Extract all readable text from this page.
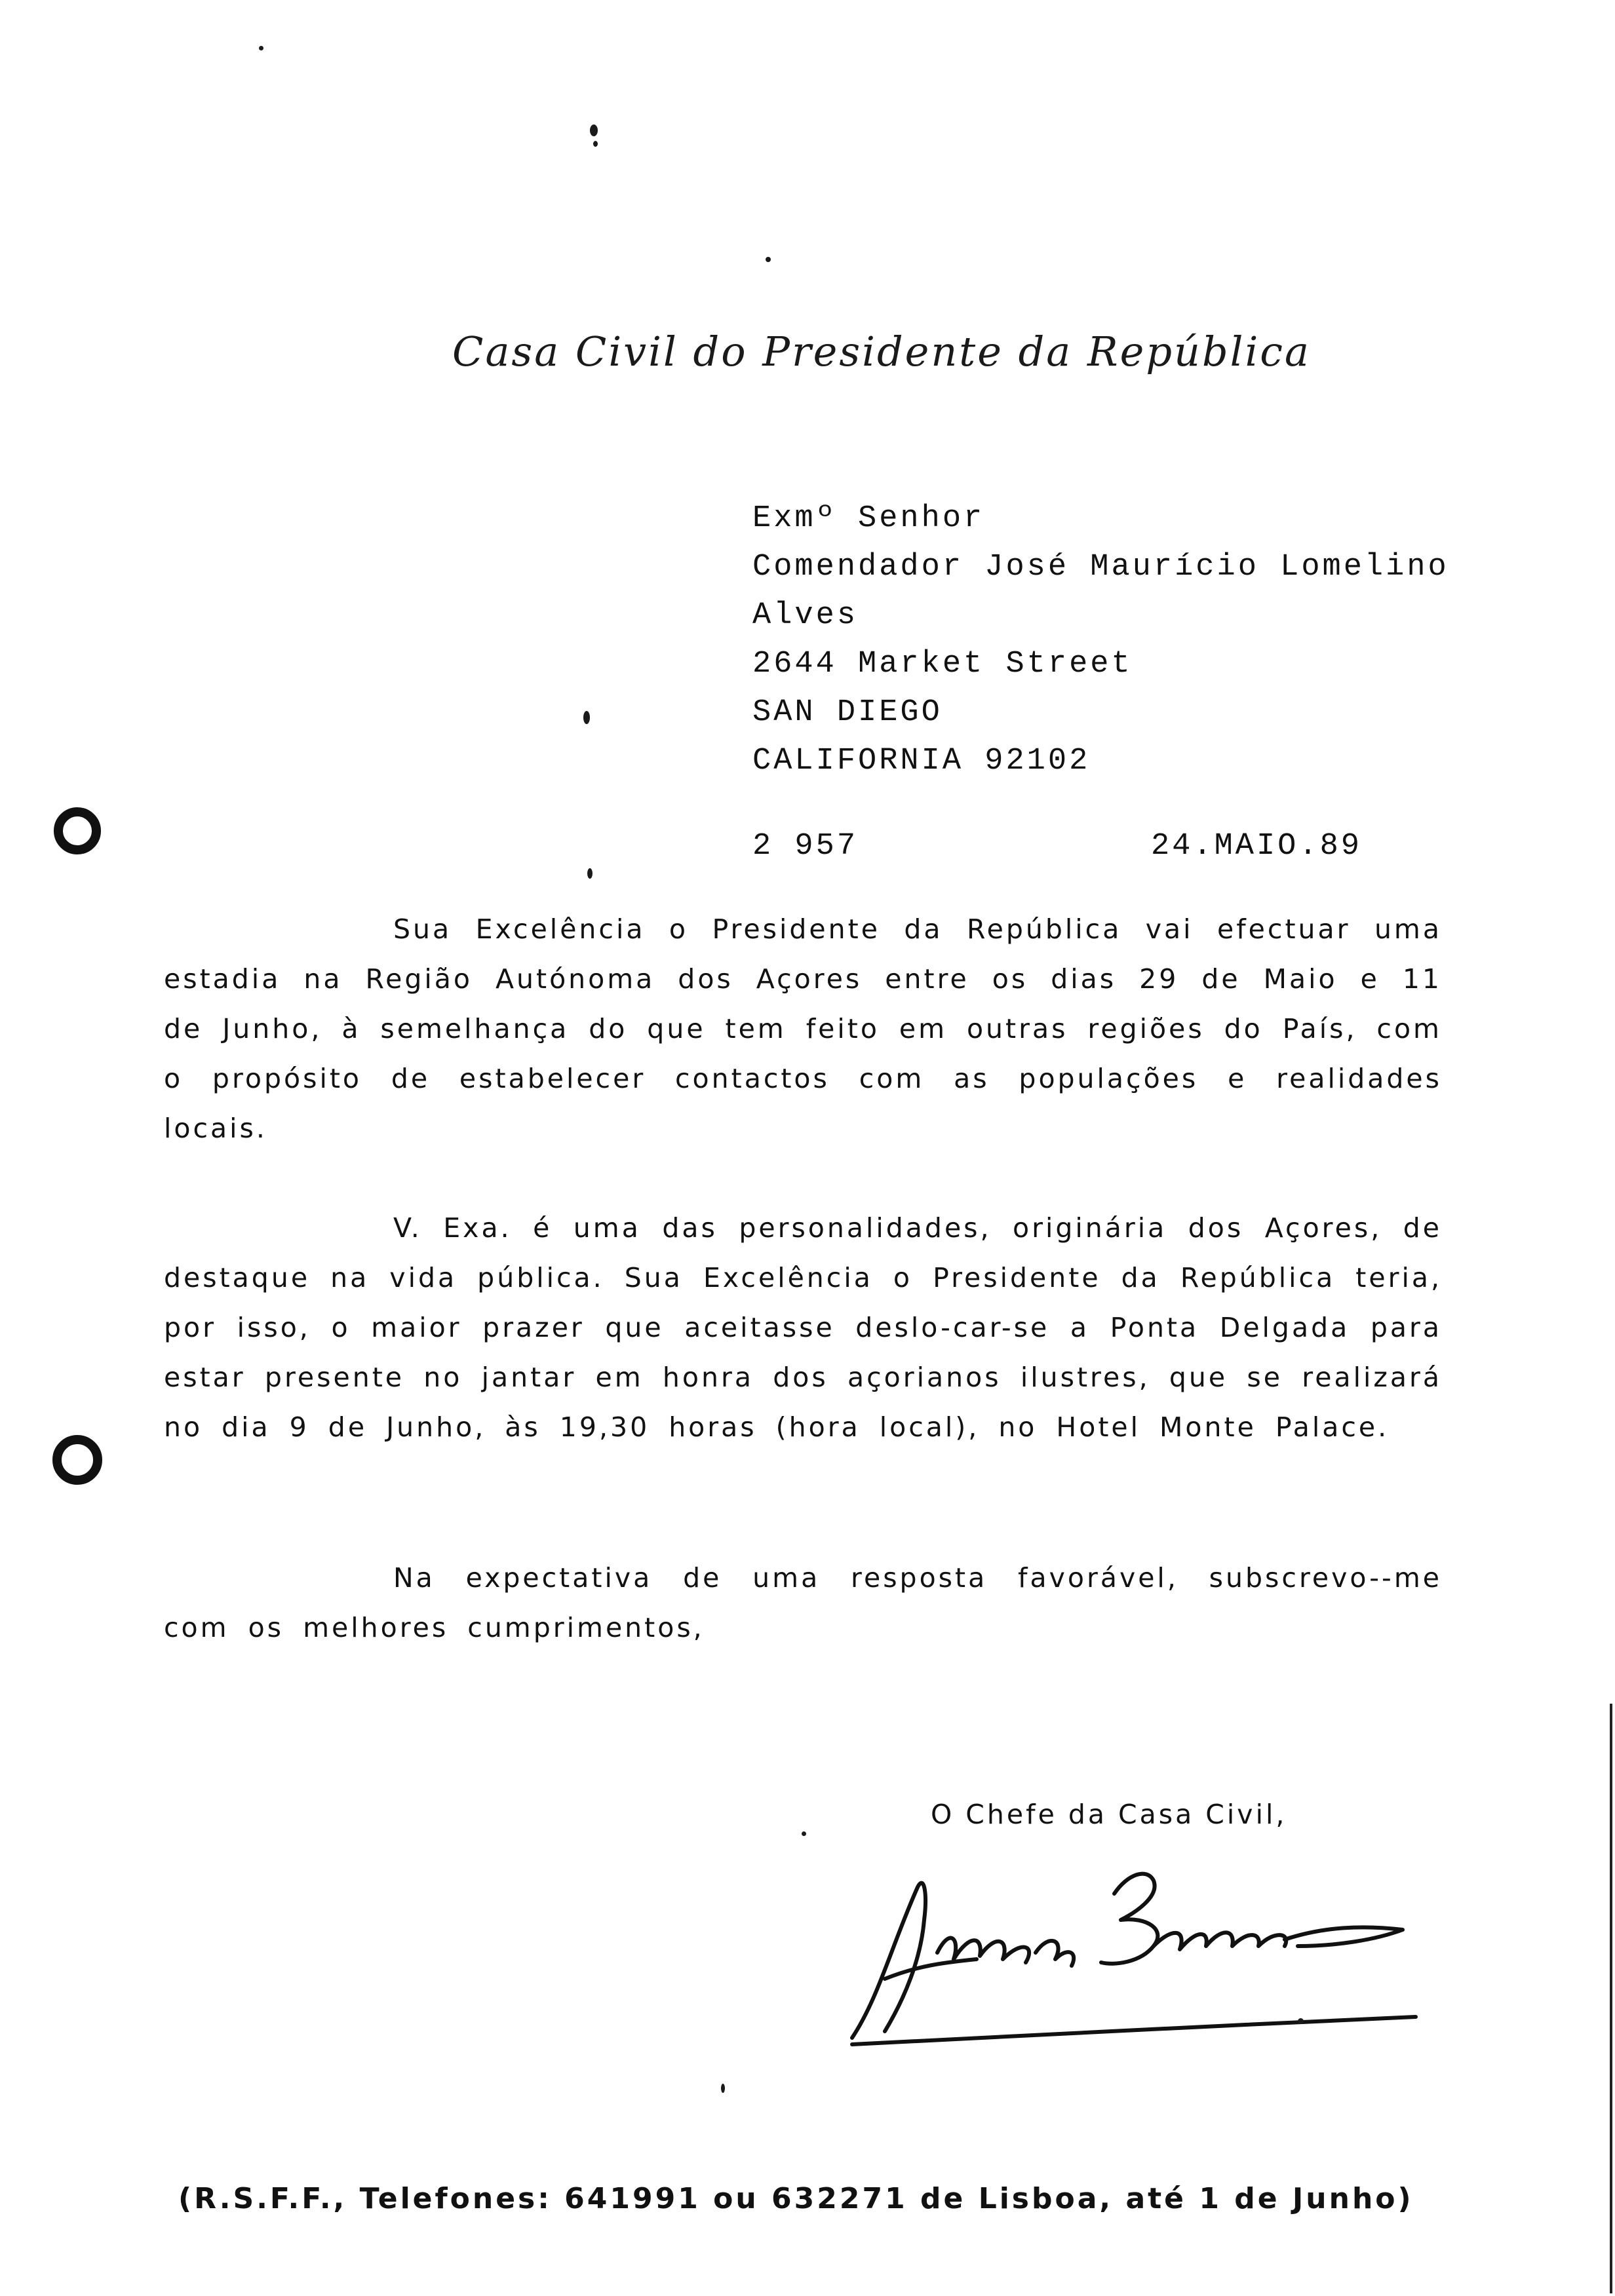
Casa Civil do Presidente da República
Exmº Senhor
Comendador José Maurício Lomelino
Alves
2644 Market Street
SAN DIEGO
CALIFORNIA 92102
2 957	24.MAIO.89

Sua Excelência o Presidente da República vai efectuar uma estadia na Região Autónoma dos Açores entre os dias 29 de Maio e 11 de Junho, à semelhança do que tem feito em outras regiões do País, com o propósito de estabelecer contactos com as populações e realidades locais.

V. Exa. é uma das personalidades, originária dos Açores, de destaque na vida pública. Sua Excelência o Presidente da República teria, por isso, o maior prazer que aceitasse deslo-car-se a Ponta Delgada para estar presente no jantar em honra dos açorianos ilustres, que se realizará no dia 9 de Junho, às 19,30 horas (hora local), no Hotel Monte Palace.

Na expectativa de uma resposta favorável, subscrevo--me com os melhores cumprimentos,

O Chefe da Casa Civil,
(R.S.F.F., Telefones: 641991 ou 632271 de Lisboa, até 1 de Junho)
